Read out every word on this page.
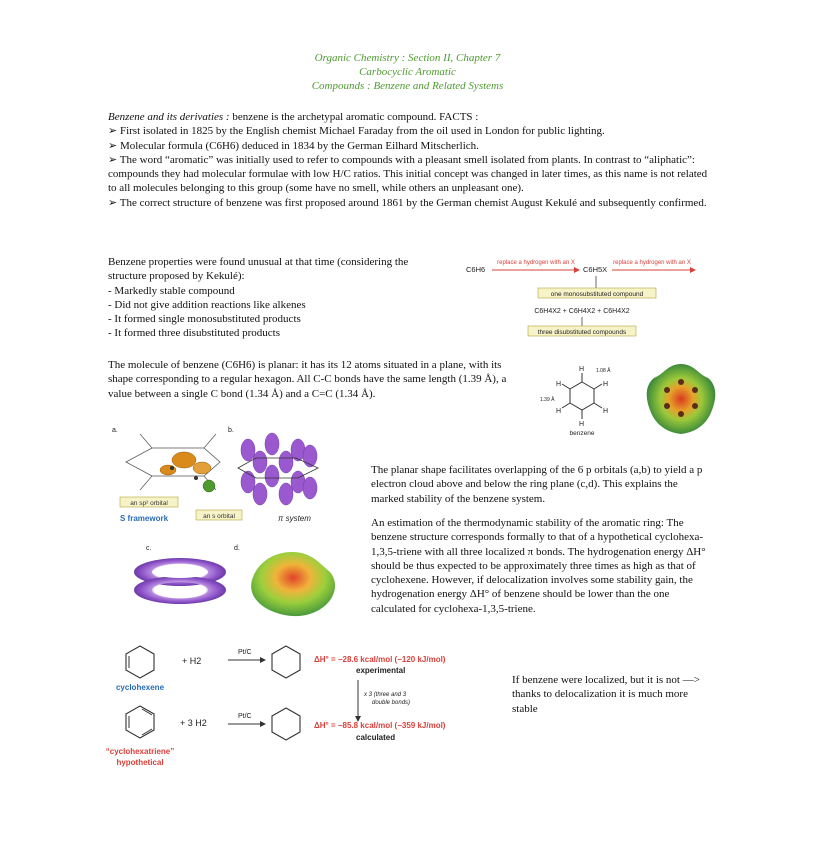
Organic Chemistry : Section II, Chapter 7
Carbocyclic Aromatic
Compounds : Benzene and Related Systems

Benzene and its derivaties : benzene is the archetypal aromatic compound. FACTS :

➢ First isolated in 1825 by the English chemist Michael Faraday from the oil used in London for public lighting.

➢ Molecular formula (C6H6) deduced in 1834 by the German Eilhard Mitscherlich.

➢ The word “aromatic” was initially used to refer to compounds with a pleasant smell isolated from plants. In contrast to “aliphatic”: compounds they had molecular formulae with low H/C ratios. This initial concept was changed in later times, as this name is not related to all molecules belonging to this group (some have no smell, while others an unpleasant one).

➢ The correct structure of benzene was first proposed around 1861 by the German chemist August Kekulé and subsequently confirmed.

Benzene properties were found unusual at that time (considering the structure proposed by Kekulé):

- Markedly stable compound

- Did not give addition reactions like alkenes

- It formed single monosubstituted products

- It formed three disubstituted products

C6H6
replace a hydrogen with an X
C6H5X
replace a hydrogen with an X
one monosubstituted compound
C6H4X2 + C6H4X2 + C6H4X2
three disubstituted compounds
The molecule of benzene (C6H6) is planar: it has its 12 atoms situated in a plane, with its shape corresponding to a regular hexagon. All C-C bonds have the same length (1.39 Å), a value between a single C bond (1.34 Å) and a C=C (1.34 Å).
H
H
H
H
H
H
1.08 Å
1.39 Å
benzene
a.	b.
c.	d.
an sp² orbital
an s orbital
S framework	π system
The planar shape facilitates overlapping of the 6 p orbitals (a,b) to yield a p electron cloud above and below the ring plane (c,d). This explains the marked stability of the benzene system.
An estimation of the thermodynamic stability of the aromatic ring: The benzene structure corresponds formally to that of a hypothetical cyclohexa-1,3,5-triene with all three localized π bonds. The hydrogenation energy ΔH° should be thus expected to be approximately three times as high as that of cyclohexene. However, if delocalization involves some stability gain, the hydrogenation energy ΔH° of benzene should be lower than the one calculated for cyclohexa-1,3,5-triene.
cyclohexene
+ H2
Pt/C
ΔH° = −28.6 kcal/mol (−120 kJ/mol)
experimental
x 3 (three and 3
double bonds)
“cyclohexatriene”
hypothetical
+ 3 H2
Pt/C
ΔH° = −85.8 kcal/mol (−359 kJ/mol)
calculated
If benzene were localized, but it is not —> thanks to delocalization it is much more stable
